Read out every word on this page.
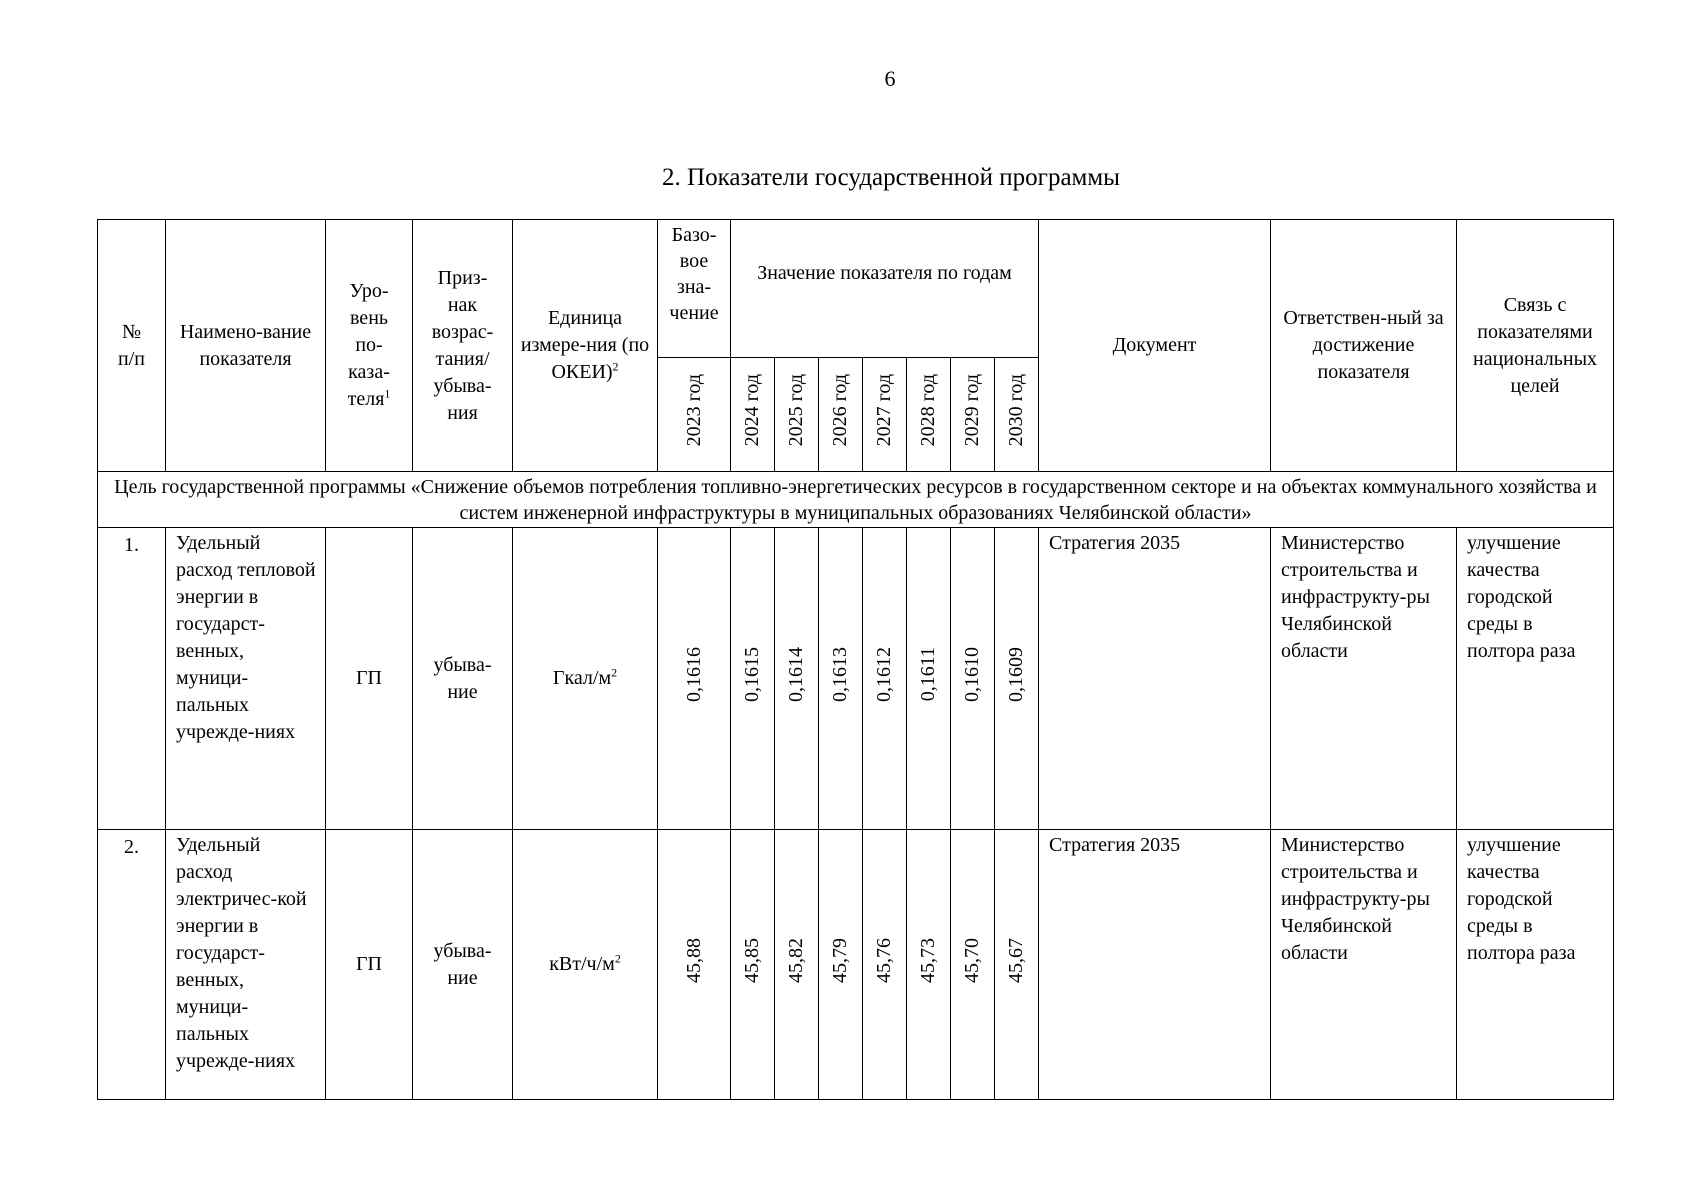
6
2. Показатели государственной программы
№ п/п	Наимено-вание показателя	Уро-вень по-каза-теля$^1$	Приз-нак возрас-тания/ убыва-ния	Единица измере-ния (по ОКЕИ)$^2$	Базо-вое зна-чение	Значение показателя по годам							Документ	Ответствен-ный за достижение показателя	Связь с показателями национальных целей

					2023 год	2024 год	2025 год	2026 год	2027 год	2028 год	2029 год	2030 год			
Цель государственной программы «Снижение объемов потребления топливно-энергетических ресурсов в государственном секторе и на объектах коммунального хозяйства и систем инженерной инфраструктуры в муниципальных образованиях Челябинской области»															
1.	Удельный расход тепловой энергии в государст-венных, муници-пальных учрежде-ниях	ГП	убыва-ние	Гкал/$м^2$	0,1616	0,1615	0,1614	0,1613	0,1612	0,1611	0,1610	0,1609	Стратегия 2035	Министерство строительства и инфраструкту-ры Челябинской области	улучшение качества городской среды в полтора раза
2.	Удельный расход электричес-кой энергии в государст-венных, муници-пальных учрежде-ниях	ГП	убыва-ние	кВт/$ч/м^2$	45,88	45,85	45,82	45,79	45,76	45,73	45,70	45,67	Стратегия 2035	Министерство строительства и инфраструкту-ры Челябинской области	улучшение качества городской среды в полтора раза
